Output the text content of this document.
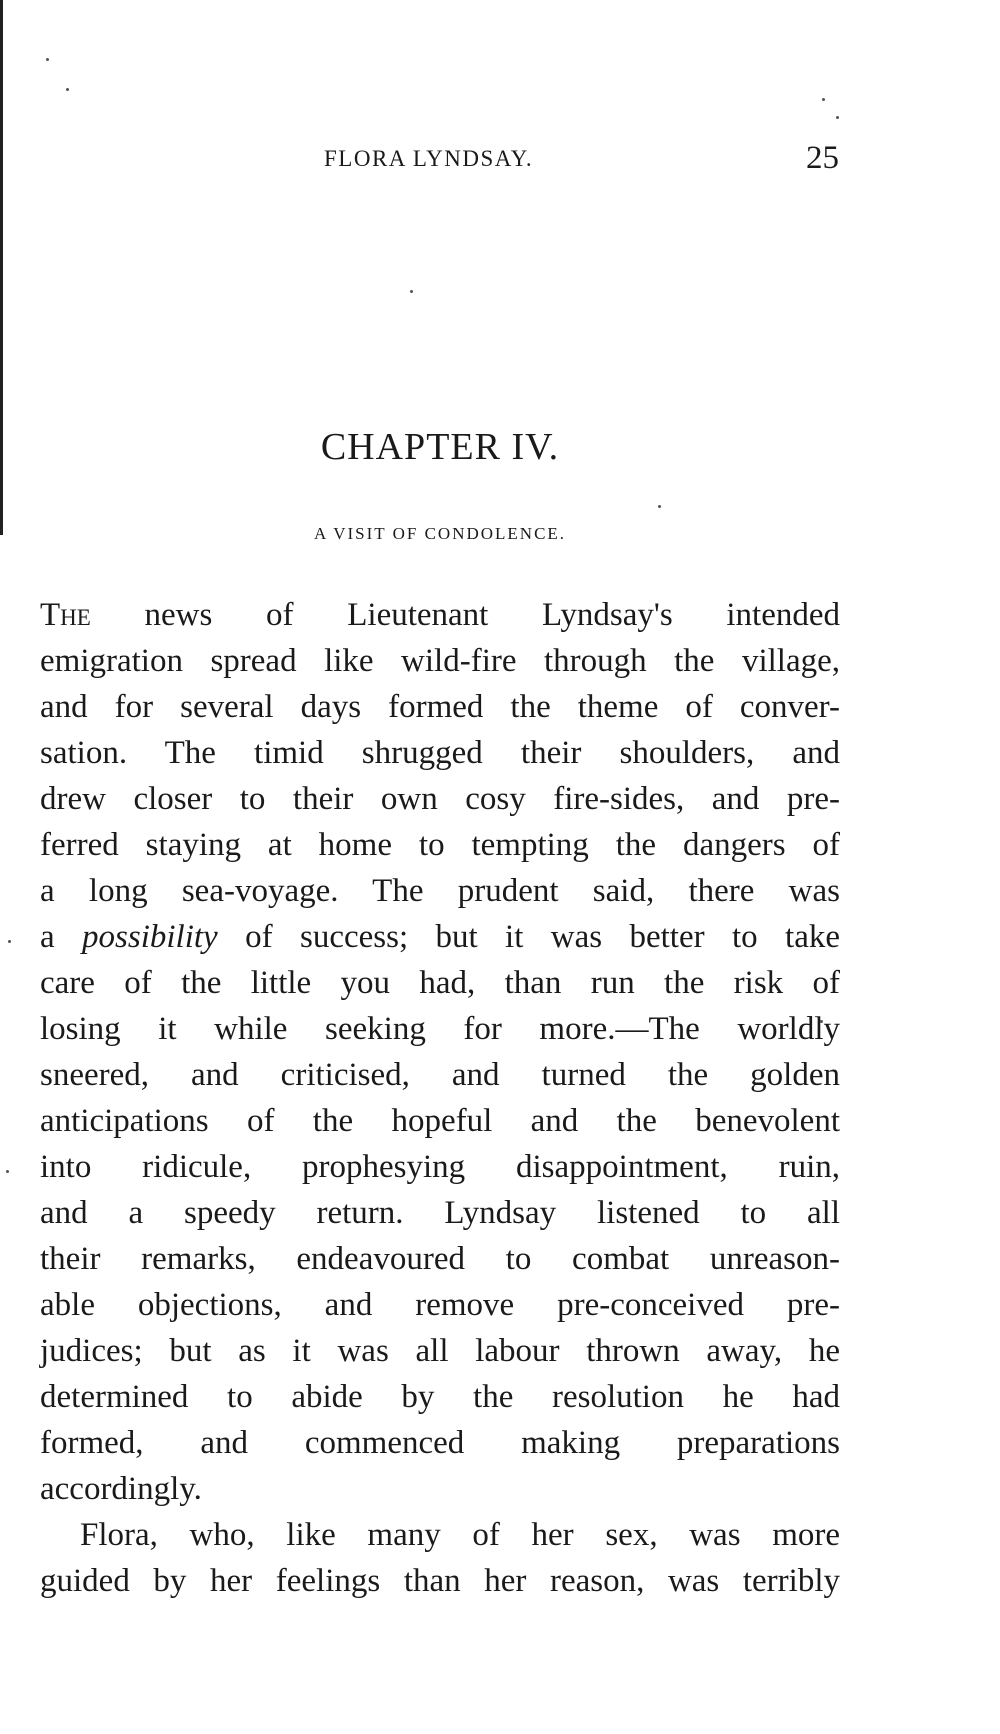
FLORA LYNDSAY.	25
CHAPTER IV.
A VISIT OF CONDOLENCE.
The news of Lieutenant Lyndsay's intended
emigration spread like wild-fire through the village,
and for several days formed the theme of conver-
sation. The timid shrugged their shoulders, and
drew closer to their own cosy fire-sides, and pre-
ferred staying at home to tempting the dangers of
a long sea-voyage. The prudent said, there was
a possibility of success; but it was better to take
care of the little you had, than run the risk of
losing it while seeking for more.—The worldly
sneered, and criticised, and turned the golden
anticipations of the hopeful and the benevolent
into ridicule, prophesying disappointment, ruin,
and a speedy return. Lyndsay listened to all
their remarks, endeavoured to combat unreason-
able objections, and remove pre-conceived pre-
judices; but as it was all labour thrown away, he
determined to abide by the resolution he had
formed, and commenced making preparations
accordingly.
Flora, who, like many of her sex, was more
guided by her feelings than her reason, was terribly
